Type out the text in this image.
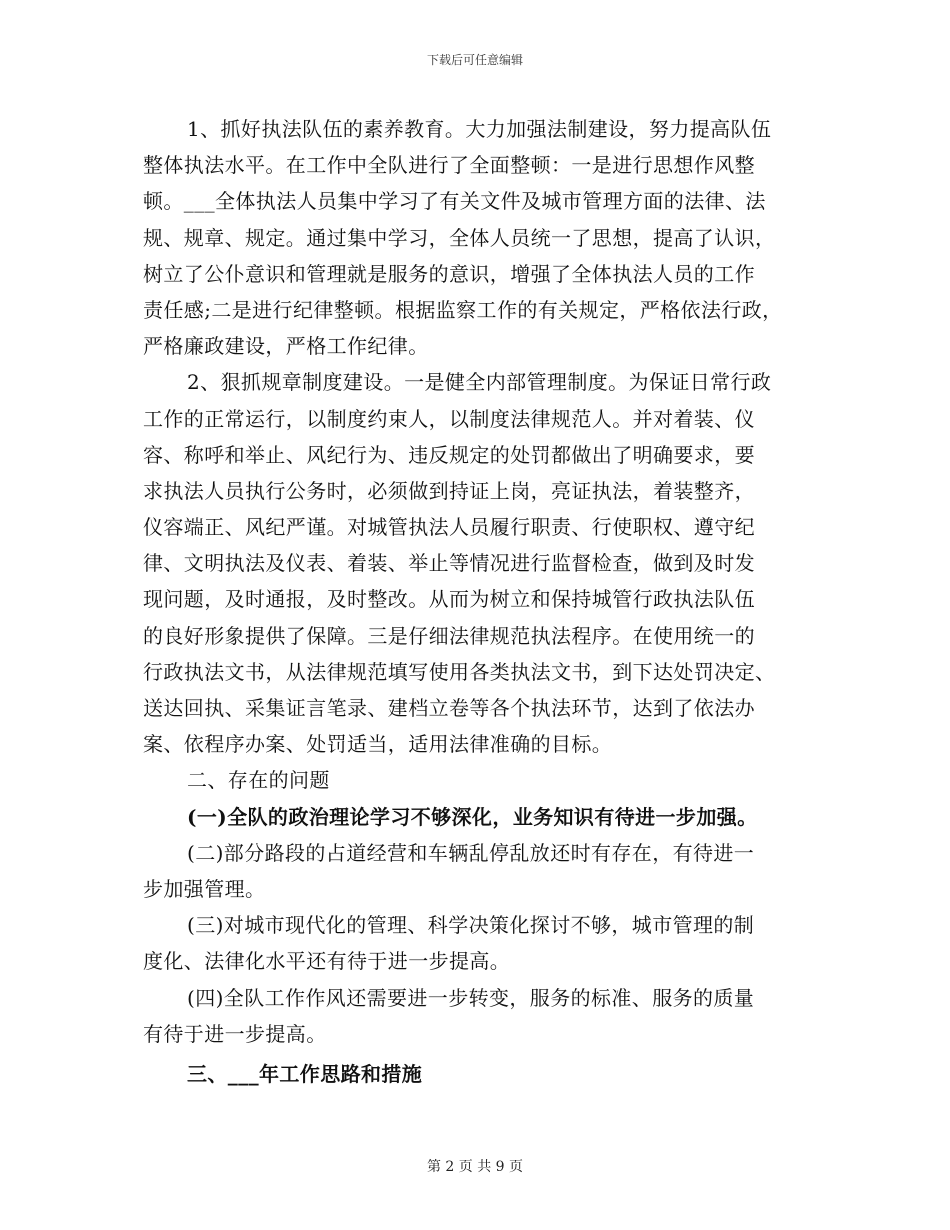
下载后可任意编辑
1、抓好执法队伍的素养教育。大力加强法制建设，努力提高队伍
整体执法水平。在工作中全队进行了全面整顿：一是进行思想作风整
顿。___全体执法人员集中学习了有关文件及城市管理方面的法律、法
规、规章、规定。通过集中学习，全体人员统一了思想，提高了认识，
树立了公仆意识和管理就是服务的意识，增强了全体执法人员的工作
责任感;二是进行纪律整顿。根据监察工作的有关规定，严格依法行政，
严格廉政建设，严格工作纪律。
2、狠抓规章制度建设。一是健全内部管理制度。为保证日常行政
工作的正常运行，以制度约束人，以制度法律规范人。并对着装、仪
容、称呼和举止、风纪行为、违反规定的处罚都做出了明确要求，要
求执法人员执行公务时，必须做到持证上岗，亮证执法，着装整齐，
仪容端正、风纪严谨。对城管执法人员履行职责、行使职权、遵守纪
律、文明执法及仪表、着装、举止等情况进行监督检查，做到及时发
现问题，及时通报，及时整改。从而为树立和保持城管行政执法队伍
的良好形象提供了保障。三是仔细法律规范执法程序。在使用统一的
行政执法文书，从法律规范填写使用各类执法文书，到下达处罚决定、
送达回执、采集证言笔录、建档立卷等各个执法环节，达到了依法办
案、依程序办案、处罚适当，适用法律准确的目标。
二、存在的问题
(一)全队的政治理论学习不够深化，业务知识有待进一步加强。
(二)部分路段的占道经营和车辆乱停乱放还时有存在，有待进一
步加强管理。
(三)对城市现代化的管理、科学决策化探讨不够，城市管理的制
度化、法律化水平还有待于进一步提高。
(四)全队工作作风还需要进一步转变，服务的标准、服务的质量
有待于进一步提高。
三、___年工作思路和措施
第 2 页 共 9 页
